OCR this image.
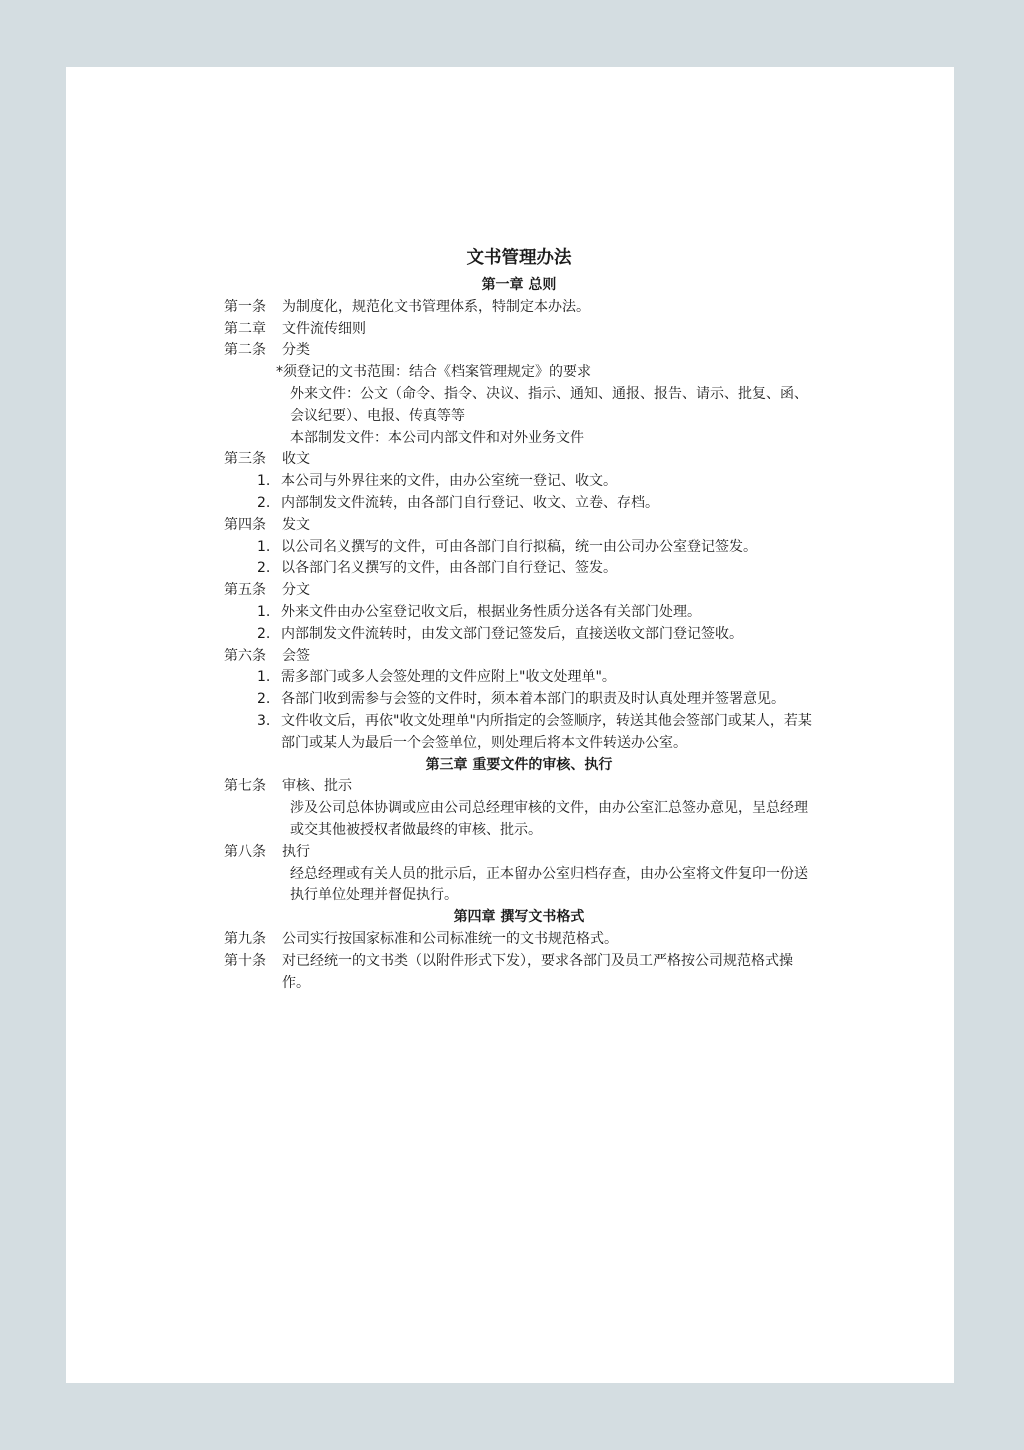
文书管理办法
第一章 总则
第一条	为制度化，规范化文书管理体系，特制定本办法。
第二章	文件流传细则
第二条	分类
*须登记的文书范围：结合《档案管理规定》的要求
外来文件：公文（命令、指令、决议、指示、通知、通报、报告、请示、批复、函、会议纪要）、电报、传真等等
本部制发文件：本公司内部文件和对外业务文件
第三条	收文
1. 本公司与外界往来的文件，由办公室统一登记、收文。
2. 内部制发文件流转，由各部门自行登记、收文、立卷、存档。
第四条	发文
1. 以公司名义撰写的文件，可由各部门自行拟稿，统一由公司办公室登记签发。
2. 以各部门名义撰写的文件，由各部门自行登记、签发。
第五条	分文
1. 外来文件由办公室登记收文后，根据业务性质分送各有关部门处理。
2. 内部制发文件流转时，由发文部门登记签发后，直接送收文部门登记签收。
第六条	会签
1. 需多部门或多人会签处理的文件应附上"收文处理单"。
2. 各部门收到需参与会签的文件时，须本着本部门的职责及时认真处理并签署意见。
3. 文件收文后，再依"收文处理单"内所指定的会签顺序，转送其他会签部门或某人，若某部门或某人为最后一个会签单位，则处理后将本文件转送办公室。
第三章 重要文件的审核、执行
第七条	审核、批示
涉及公司总体协调或应由公司总经理审核的文件，由办公室汇总签办意见，呈总经理或交其他被授权者做最终的审核、批示。
第八条	执行
经总经理或有关人员的批示后，正本留办公室归档存查，由办公室将文件复印一份送执行单位处理并督促执行。
第四章 撰写文书格式
第九条	公司实行按国家标准和公司标准统一的文书规范格式。
第十条	对已经统一的文书类（以附件形式下发），要求各部门及员工严格按公司规范格式操作。
